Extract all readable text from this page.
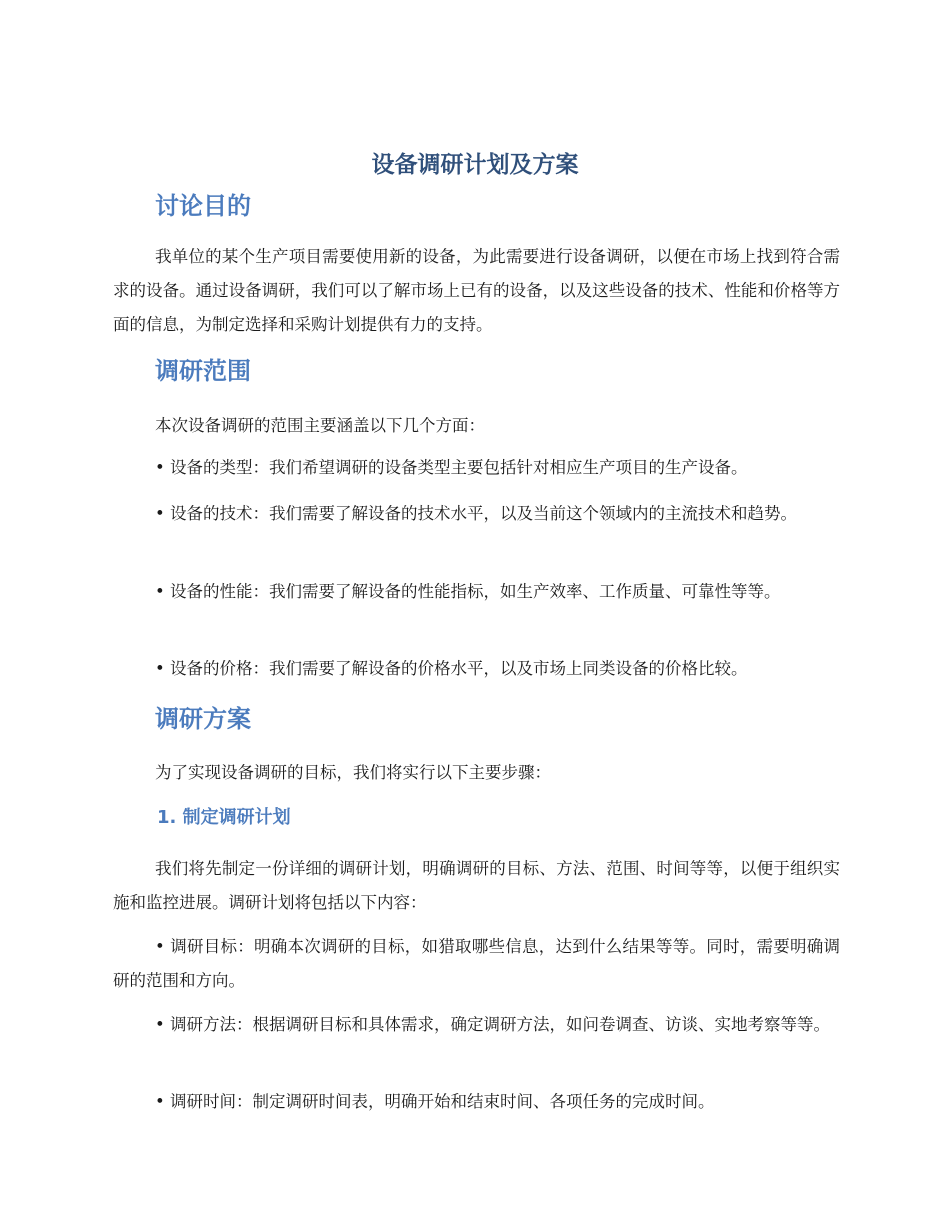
设备调研计划及方案
讨论目的

我单位的某个生产项目需要使用新的设备，为此需要进行设备调研，以便在市场上找到符合需求的设备。通过设备调研，我们可以了解市场上已有的设备，以及这些设备的技术、性能和价格等方面的信息，为制定选择和采购计划提供有力的支持。

调研范围

本次设备调研的范围主要涵盖以下几个方面：

• 设备的类型：我们希望调研的设备类型主要包括针对相应生产项目的生产设备。

• 设备的技术：我们需要了解设备的技术水平，以及当前这个领域内的主流技术和趋势。

• 设备的性能：我们需要了解设备的性能指标，如生产效率、工作质量、可靠性等等。

• 设备的价格：我们需要了解设备的价格水平，以及市场上同类设备的价格比较。

调研方案

为了实现设备调研的目标，我们将实行以下主要步骤：

1. 制定调研计划

我们将先制定一份详细的调研计划，明确调研的目标、方法、范围、时间等等，以便于组织实施和监控进展。调研计划将包括以下内容：

• 调研目标：明确本次调研的目标，如猎取哪些信息，达到什么结果等等。同时，需要明确调研的范围和方向。

• 调研方法：根据调研目标和具体需求，确定调研方法，如问卷调查、访谈、实地考察等等。

• 调研时间：制定调研时间表，明确开始和结束时间、各项任务的完成时间。
